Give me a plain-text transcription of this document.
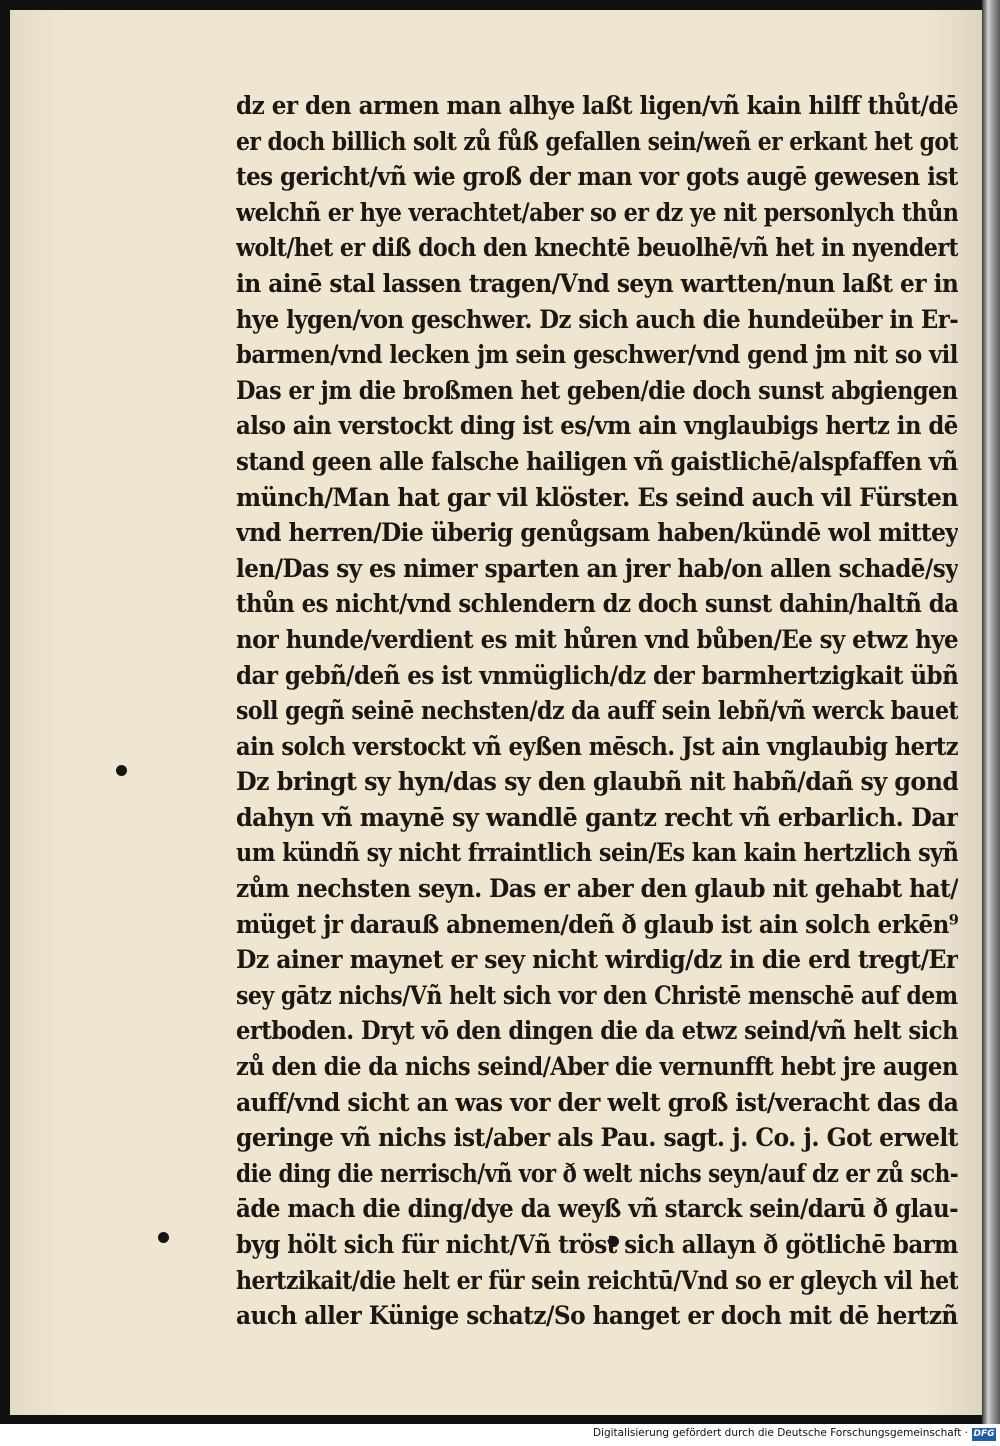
dz er den armen man alhye laßt ligen/vñ kain hilff thůt/dē
er doch billich solt zů fůß gefallen sein/weñ er erkant het got
tes gericht/vñ wie groß der man vor gots augē gewesen ist
welchñ er hye verachtet/aber so er dz ye nit personlych thůn
wolt/het er diß doch den knechtē beuolhē/vñ het in nyendert
in ainē stal lassen tragen/Vnd seyn wartten/nun laßt er in
hye lygen/von geschwer. Dz sich auch die hundeüber in Er-
barmen/vnd lecken jm sein geschwer/vnd gend jm nit so vil
Das er jm die broßmen het geben/die doch sunst abgiengen
also ain verstockt ding ist es/vm ain vnglaubigs hertz in dē
stand geen alle falsche hailigen vñ gaistlichē/alspfaffen vñ
münch/Man hat gar vil klöster. Es seind auch vil Fürsten
vnd herren/Die überig genůgsam haben/kündē wol mittey
len/Das sy es nimer sparten an jrer hab/on allen schadē/sy
thůn es nicht/vnd schlendern dz doch sunst dahin/haltñ da
nor hunde/verdient es mit hůren vnd bůben/Ee sy etwz hye
dar gebñ/deñ es ist vnmüglich/dz der barmhertzigkait übñ
soll gegñ seinē nechsten/dz da auff sein lebñ/vñ werck bauet
ain solch verstockt vñ eyßen mēsch. Jst ain vnglaubig hertz
Dz bringt sy hyn/das sy den glaubñ nit habñ/dañ sy gond
dahyn vñ maynē sy wandlē gantz recht vñ erbarlich. Dar
um kündñ sy nicht frraintlich sein/Es kan kain hertzlich syñ
zům nechsten seyn. Das er aber den glaub nit gehabt hat/
müget jr darauß abnemen/deñ ð glaub ist ain solch erkēn⁹
Dz ainer maynet er sey nicht wirdig/dz in die erd tregt/Er
sey gātz nichs/Vñ helt sich vor den Christē menschē auf dem
ertboden. Dryt vō den dingen die da etwz seind/vñ helt sich
zů den die da nichs seind/Aber die vernunfft hebt jre augen
auff/vnd sicht an was vor der welt groß ist/veracht das da
geringe vñ nichs ist/aber als Pau. sagt. j. Co. j. Got erwelt
die ding die nerrisch/vñ vor ð welt nichs seyn/auf dz er zů sch-
āde mach die ding/dye da weyß vñ starck sein/darū ð glau-
byg hölt sich für nicht/Vñ tröst sich allayn ð götlichē barm
hertzikait/die helt er für sein reichtū/Vnd so er gleych vil het
auch aller Künige schatz/So hanget er doch mit dē hertzñ
Digitalisierung gefördert durch die Deutsche Forschungsgemeinschaft · DFG
